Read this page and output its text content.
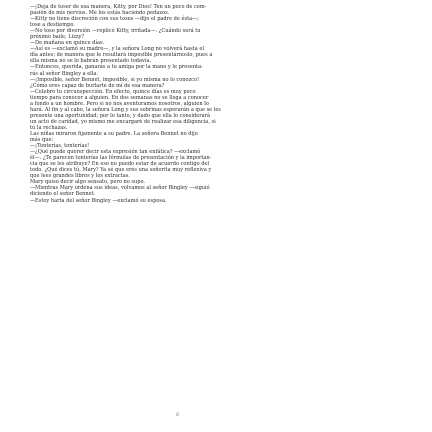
—¡Deja de toser de esa manera, Kitty, por Dios! Ten un poco de com-

pasión de mis nervios. Me los estás haciendo pedazos.

—Kitty no tiene discreción con sus toses —dijo el padre de ésta—;

tose a destiempo.

—No toso por diversión —replicó Kitty, irritada—. ¿Cuándo será tu

próximo baile, Lizzy?

—De mañana en quince días.

—Así es —exclamó su madre—, y la señora Long no volverá hasta el

día antes; de manera que le resultará imposible presentárnoslo, pues a

ella misma no se lo habrán presentado todavía.

—Entonces, querida, ganarás a tu amiga por la mano y le presenta-

rás al señor Bingley a ella.

—¡Imposible, señor Bennet, imposible, si yo misma no lo conozco!

¿Cómo eres capaz de burlarte de mí de esa manera?

—Celebro tu circunspección. En efecto, quince días es muy poco

tiempo para conocer a alguien. En dos semanas no se llega a conocer

a fondo a un hombre. Pero si no nos aventuramos nosotros, alguien lo

hará. Al fin y al cabo, la señora Long y sus sobrinas esperarán a que se les

presente una oportunidad; por lo tanto, y dado que ella lo considerará

un acto de caridad, yo mismo me encargaré de realizar esa diligencia, si

tú la rechazas.

Las niñas miraron fijamente a su padre. La señora Bennet no dijo

más que:

—¡Tonterías, tonterías!

—¿Qué puede querer decir esta expresión tan enfática? —exclamó

él—. ¿Te parecen tonterías las fórmulas de presentación y la importan-

cia que se les atribuye? En eso no puedo estar de acuerdo contigo del

todo. ¿Qué dices tú, Mary? Ya sé que eres una señorita muy reflexiva y

que lees grandes libros y los extractas.

Mary quiso decir algo sensato, pero no supo.

—Mientras Mary ordena sus ideas, volvamos al señor Bingley —siguió

diciendo el señor Bennet.

—Estoy harta del señor Bingley —exclamó su esposa.

6
